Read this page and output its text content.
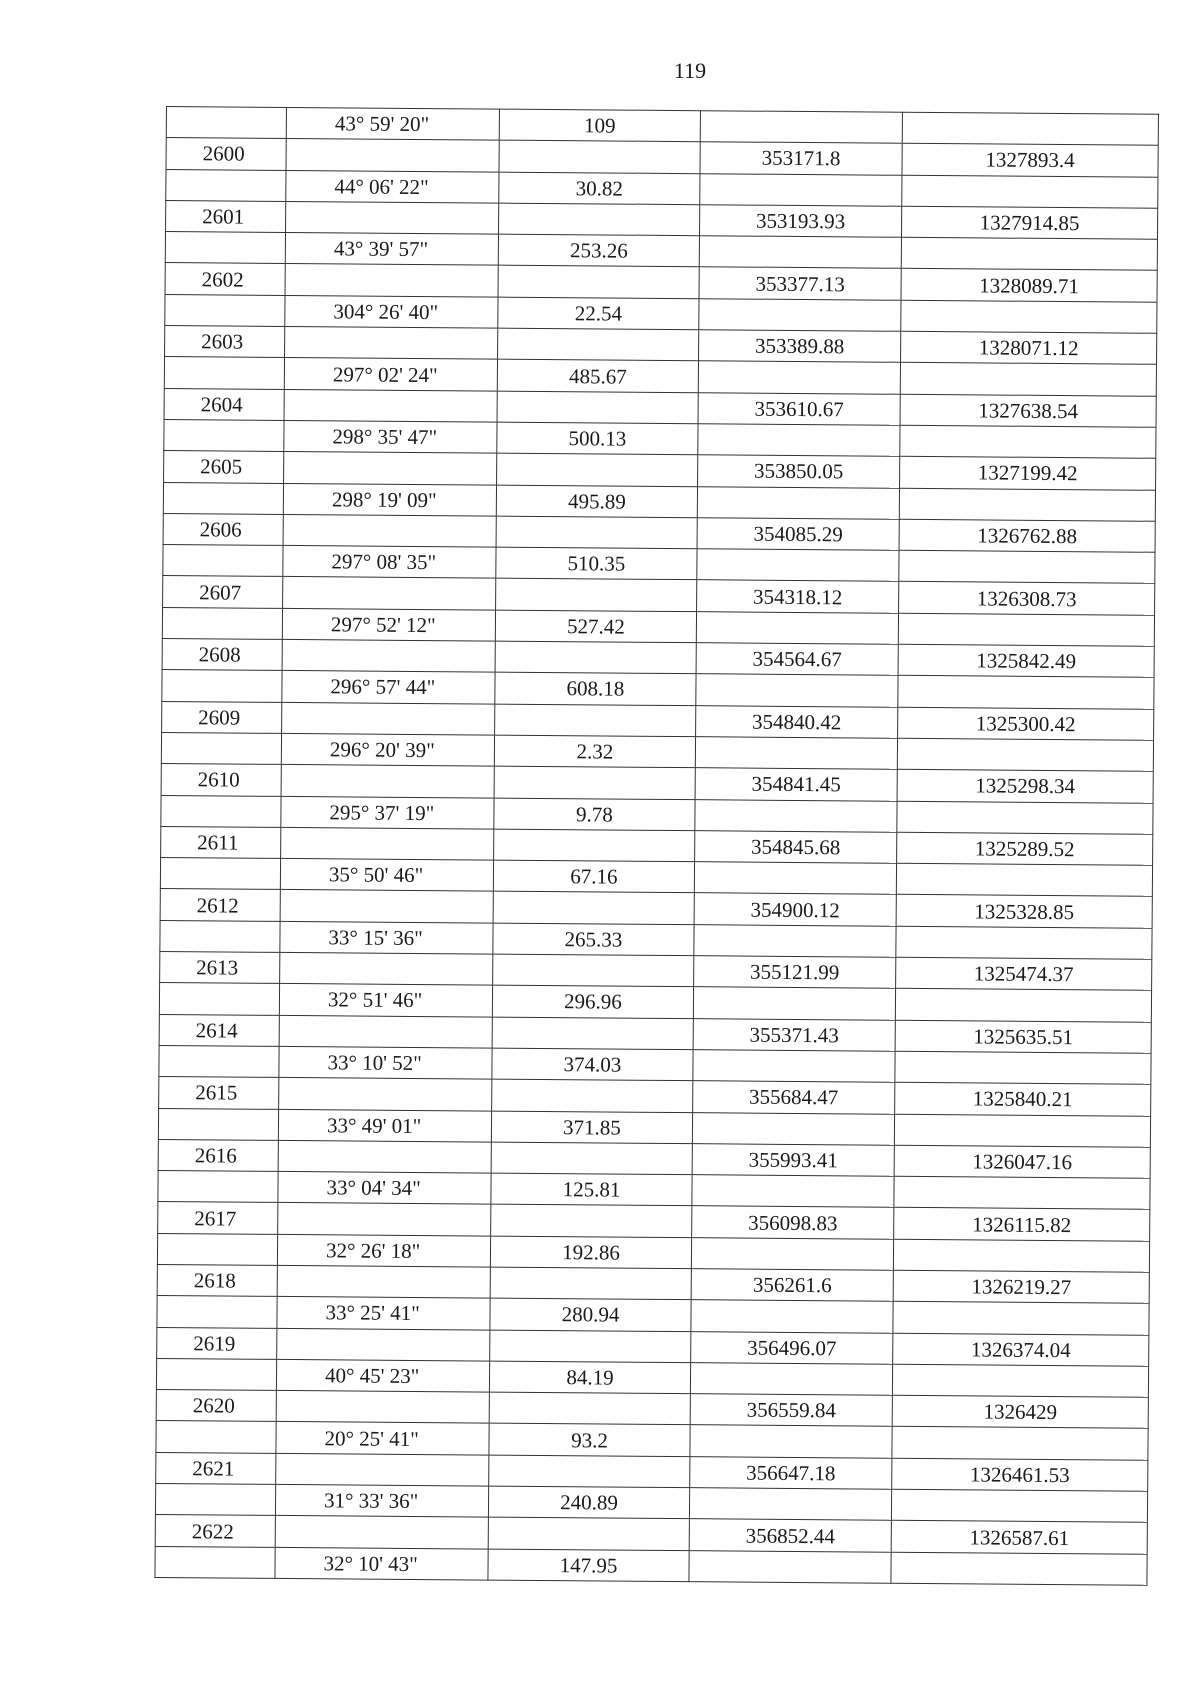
119
	43° 59' 20"	109		
2600			353171.8	1327893.4
	44° 06' 22"	30.82		
2601			353193.93	1327914.85
	43° 39' 57"	253.26		
2602			353377.13	1328089.71
	304° 26' 40"	22.54		
2603			353389.88	1328071.12
	297° 02' 24"	485.67		
2604			353610.67	1327638.54
	298° 35' 47"	500.13		
2605			353850.05	1327199.42
	298° 19' 09"	495.89		
2606			354085.29	1326762.88
	297° 08' 35"	510.35		
2607			354318.12	1326308.73
	297° 52' 12"	527.42		
2608			354564.67	1325842.49
	296° 57' 44"	608.18		
2609			354840.42	1325300.42
	296° 20' 39"	2.32		
2610			354841.45	1325298.34
	295° 37' 19"	9.78		
2611			354845.68	1325289.52
	35° 50' 46"	67.16		
2612			354900.12	1325328.85
	33° 15' 36"	265.33		
2613			355121.99	1325474.37
	32° 51' 46"	296.96		
2614			355371.43	1325635.51
	33° 10' 52"	374.03		
2615			355684.47	1325840.21
	33° 49' 01"	371.85		
2616			355993.41	1326047.16
	33° 04' 34"	125.81		
2617			356098.83	1326115.82
	32° 26' 18"	192.86		
2618			356261.6	1326219.27
	33° 25' 41"	280.94		
2619			356496.07	1326374.04
	40° 45' 23"	84.19		
2620			356559.84	1326429
	20° 25' 41"	93.2		
2621			356647.18	1326461.53
	31° 33' 36"	240.89		
2622			356852.44	1326587.61
	32° 10' 43"	147.95		
